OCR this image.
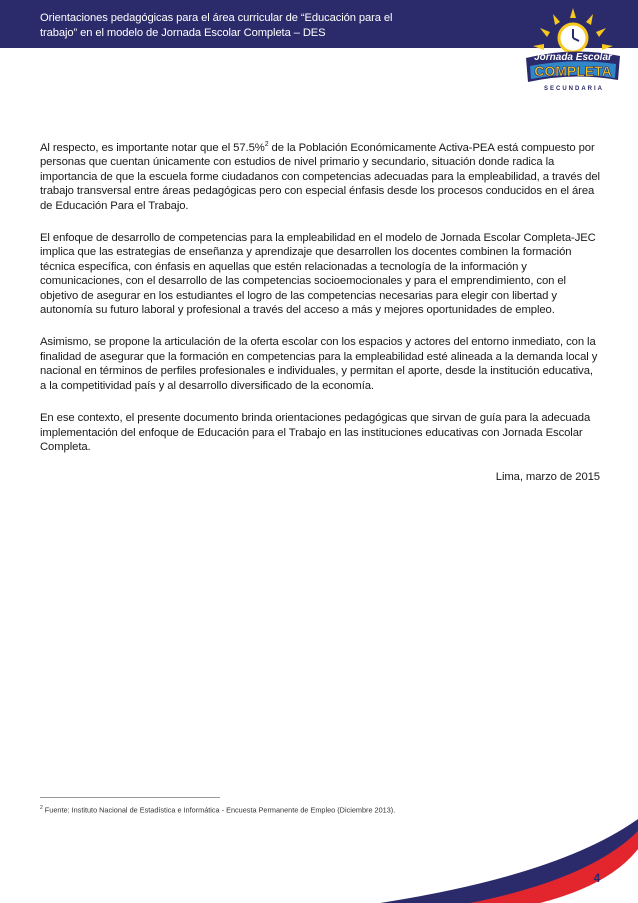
Orientaciones pedagógicas para el área curricular de “Educación para el
trabajo” en el modelo de Jornada Escolar Completa – DES
Jornada Escolar
COMPLETA
SECUNDARIA

Al respecto, es importante notar que el 57.5%$^2$ de la Población Económicamente Activa-PEA está compuesto por personas que cuentan únicamente con estudios de nivel primario y secundario, situación donde radica la importancia de que la escuela forme ciudadanos con competencias adecuadas para la empleabilidad, a través del trabajo transversal entre áreas pedagógicas pero con especial énfasis desde los procesos conducidos en el área de Educación Para el Trabajo.

El enfoque de desarrollo de competencias para la empleabilidad en el modelo de Jornada Escolar Completa-JEC implica que las estrategias de enseñanza y aprendizaje que desarrollen los docentes combinen la formación técnica específica, con énfasis en aquellas que estén relacionadas a tecnología de la información y comunicaciones, con el desarrollo de las competencias socioemocionales y para el emprendimiento, con el objetivo de asegurar en los estudiantes el logro de las competencias necesarias para elegir con libertad y autonomía su futuro laboral y profesional a través del acceso a más y mejores oportunidades de empleo.

Asimismo, se propone la articulación de la oferta escolar con los espacios y actores del entorno inmediato, con la finalidad de asegurar que la formación en competencias para la empleabilidad esté alineada a la demanda local y nacional en términos de perfiles profesionales e individuales, y permitan el aporte, desde la institución educativa, a la competitividad país y al desarrollo diversificado de la economía.

En ese contexto, el presente documento brinda orientaciones pedagógicas que sirvan de guía para la adecuada implementación del enfoque de Educación para el Trabajo en las instituciones educativas con Jornada Escolar Completa.

Lima, marzo de 2015

$^2$ Fuente: Instituto Nacional de Estadística e Informática - Encuesta Permanente de Empleo (Diciembre 2013).
4
